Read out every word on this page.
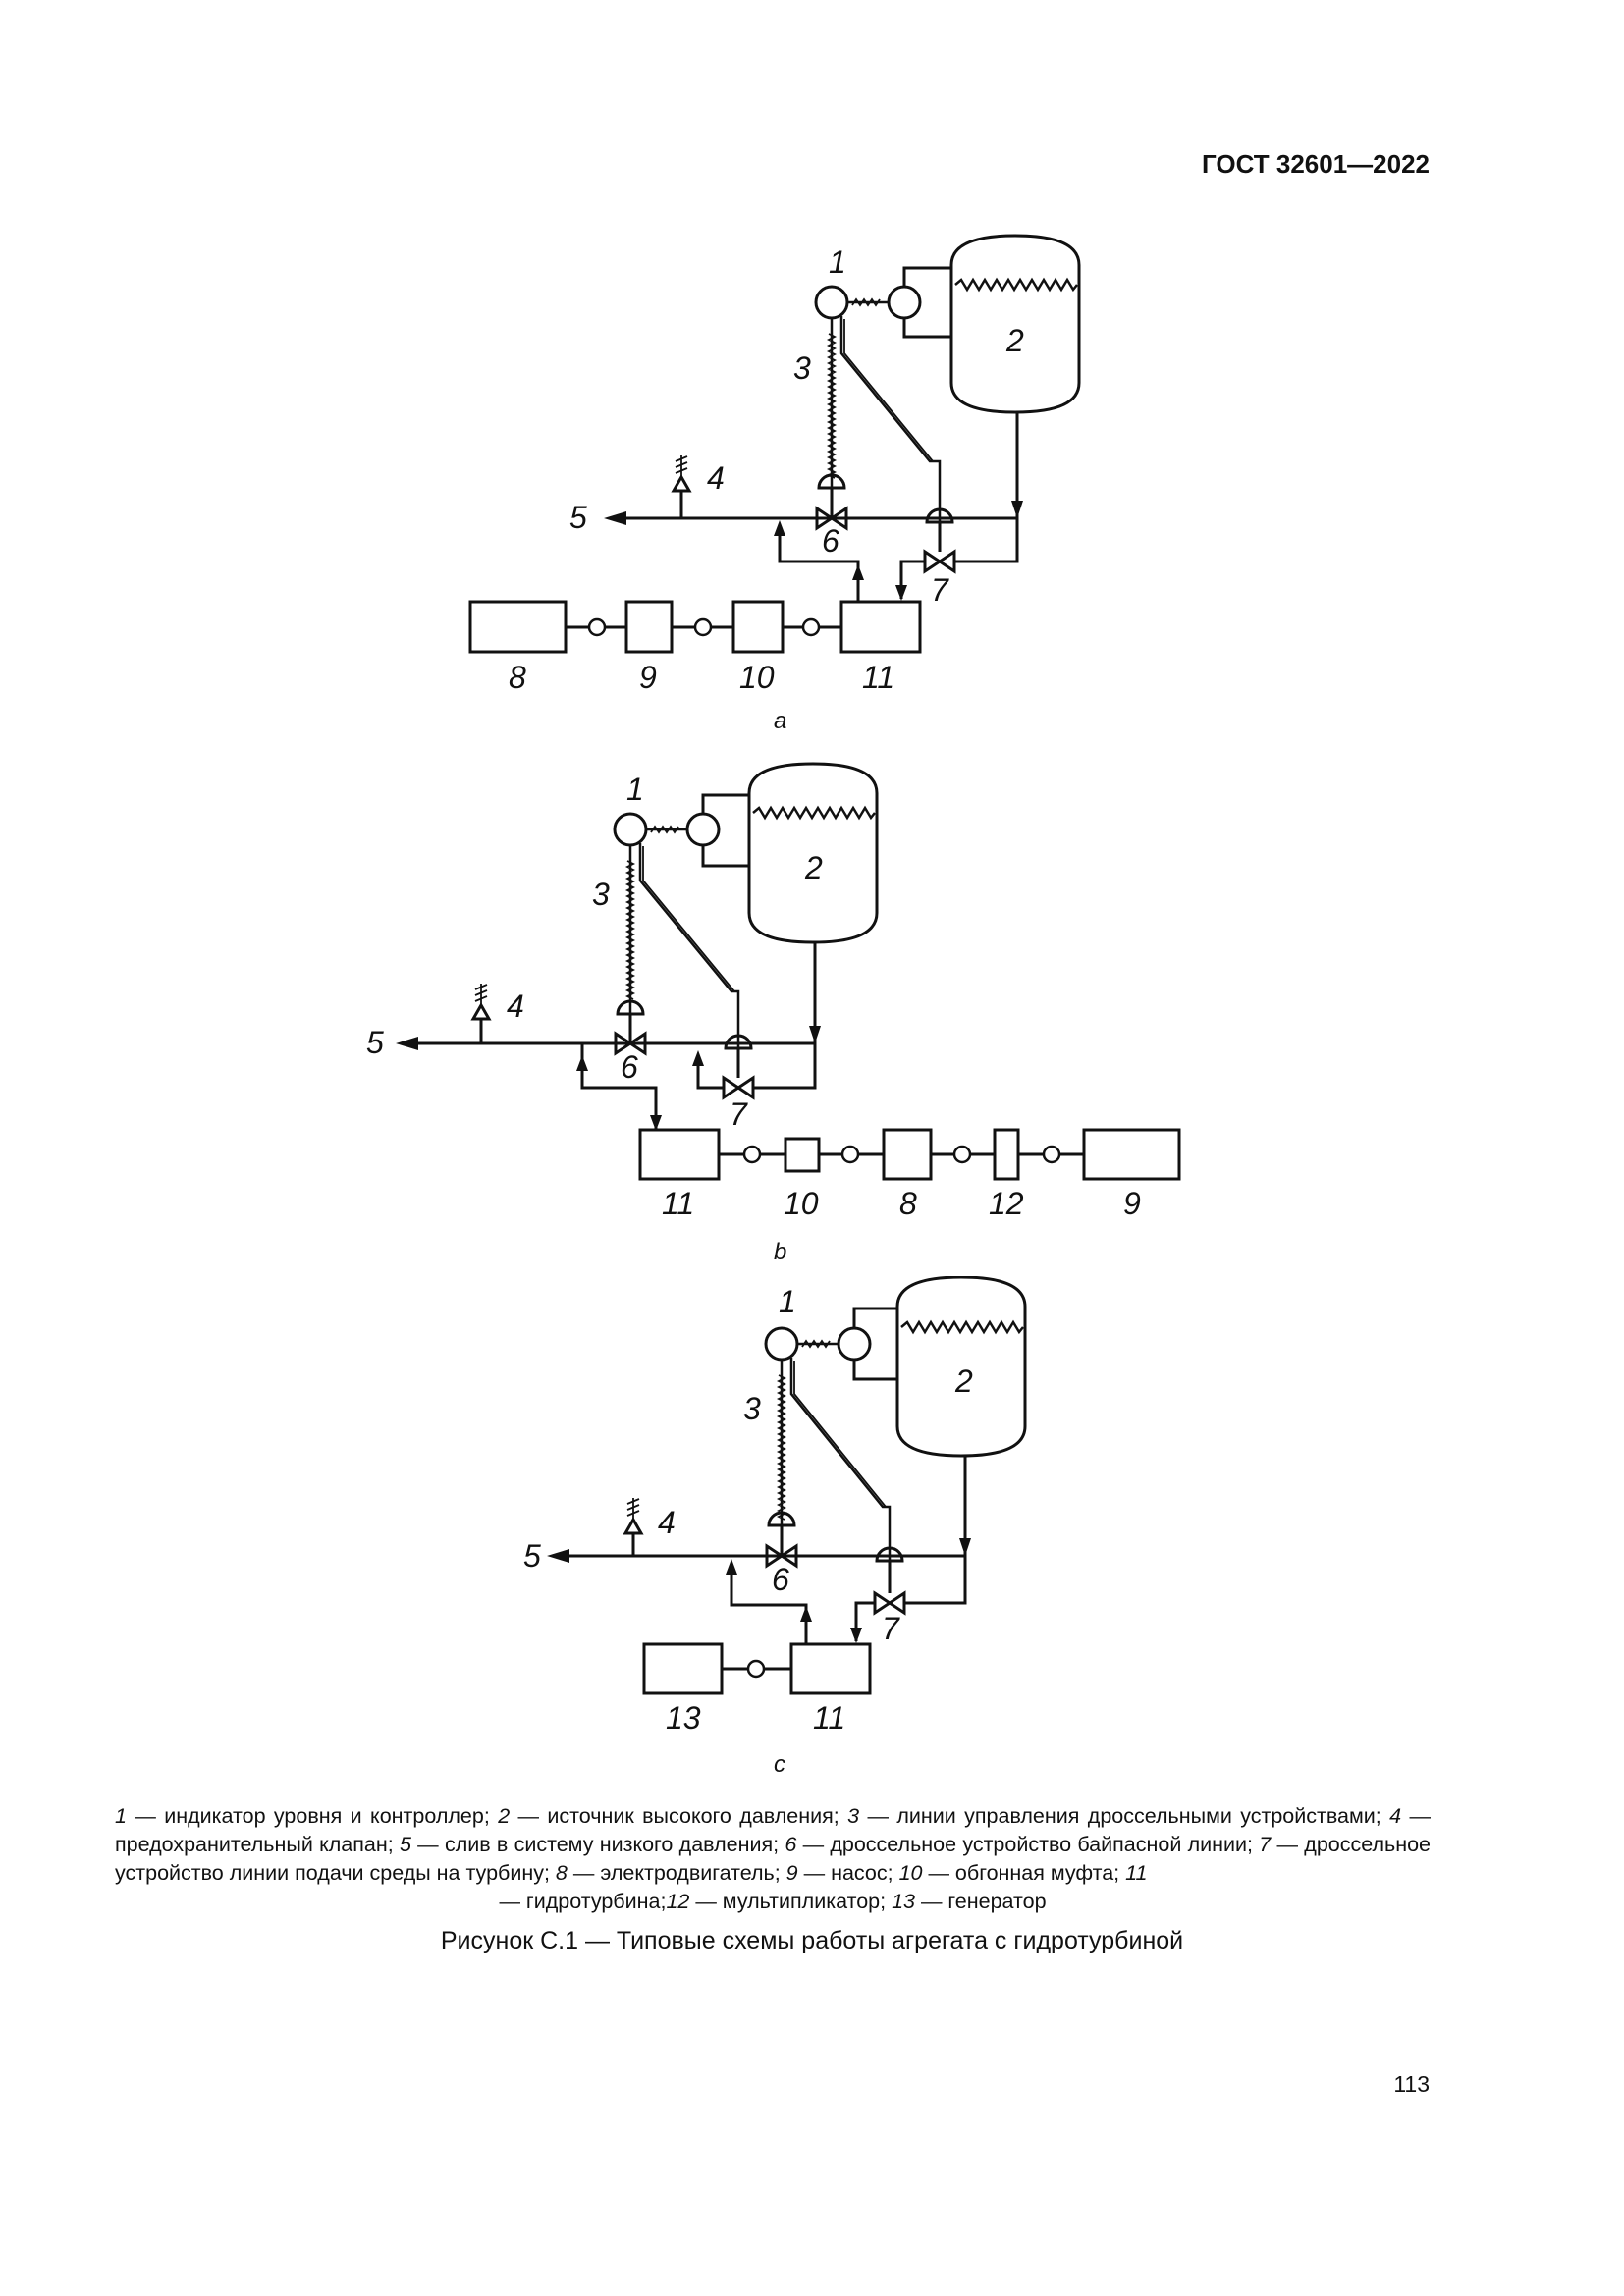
ГОСТ 32601—2022
1
2
3
4
5
6
7
8	9	10	11
a
1
2
3
4
5
6
7
11	10	8 12	9
b
1
2
3
4
5
6
7
13	11
c
1 — индикатор уровня и контроллер; 2 — источник высокого давления; 3 — линии управления дроссельными устройствами; 4 — предохранительный клапан; 5 — слив в систему низкого давления; 6 — дроссельное устройство байпасной линии; 7 — дроссельное устройство линии подачи среды на турбину; 8 — электродвигатель; 9 — насос; 10 — обгонная муфта; 11
— гидротурбина;12 — мультипликатор; 13 — генератор
Рисунок С.1 — Типовые схемы работы агрегата с гидротурбиной
113
